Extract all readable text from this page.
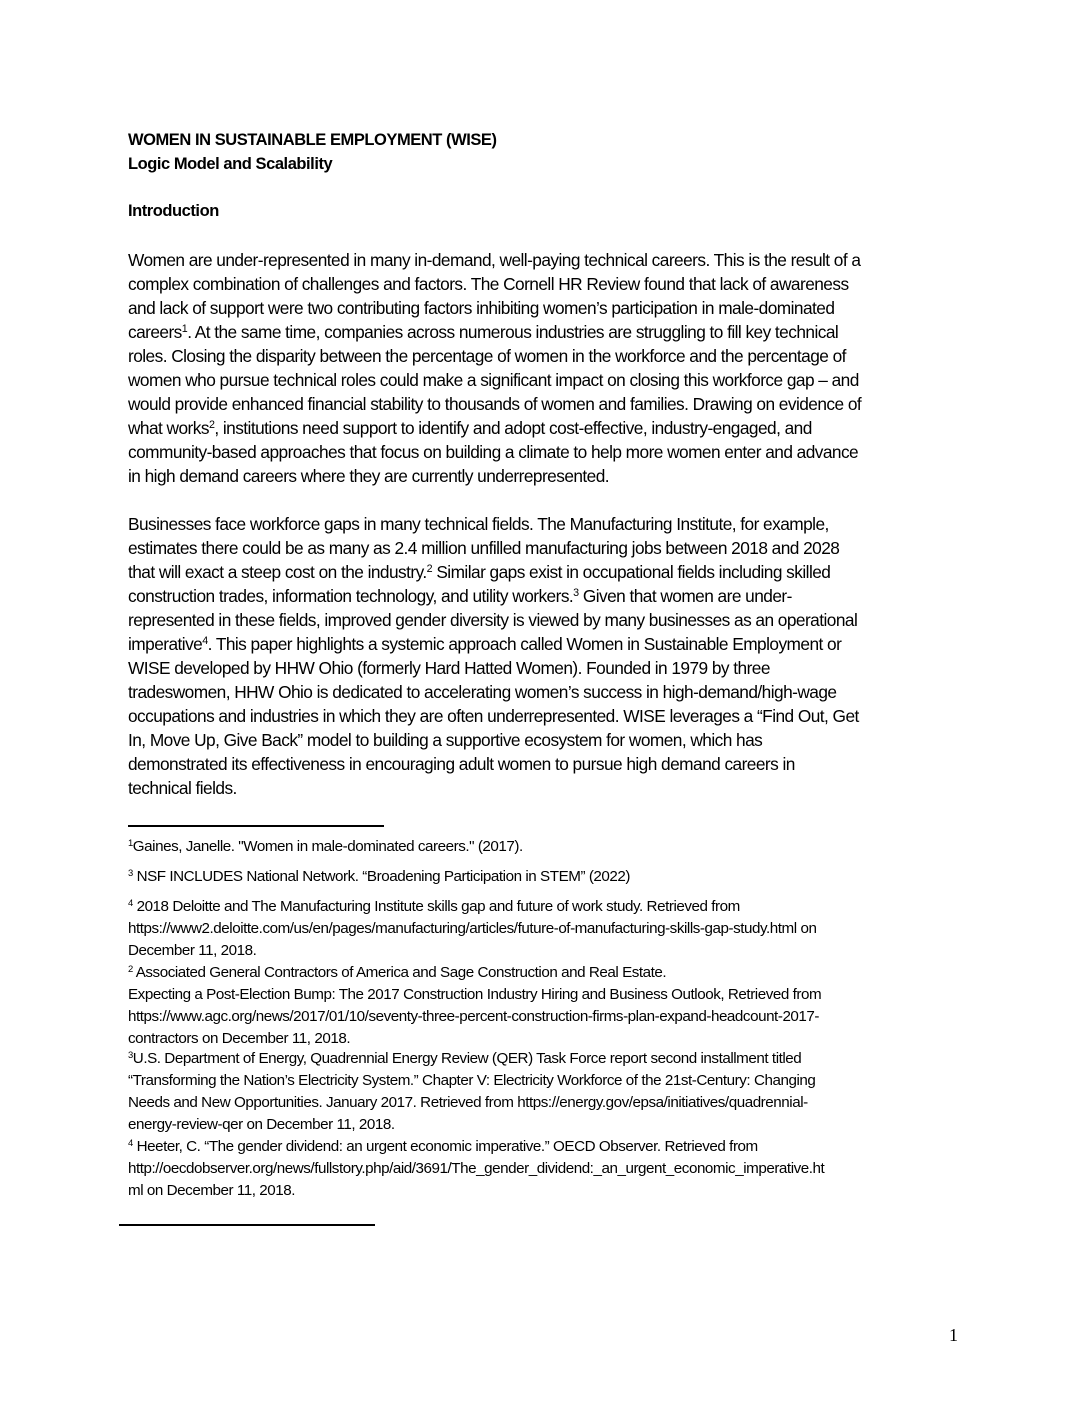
WOMEN IN SUSTAINABLE EMPLOYMENT (WISE)
Logic Model and Scalability
Introduction
Women are under-represented in many in-demand, well-paying technical careers. This is the result of a
complex combination of challenges and factors. The Cornell HR Review found that lack of awareness
and lack of support were two contributing factors inhibiting women’s participation in male-dominated
careers$^1$. At the same time, companies across numerous industries are struggling to fill key technical
roles. Closing the disparity between the percentage of women in the workforce and the percentage of
women who pursue technical roles could make a significant impact on closing this workforce gap – and
would provide enhanced financial stability to thousands of women and families. Drawing on evidence of
what works$^2$, institutions need support to identify and adopt cost-effective, industry-engaged, and
community-based approaches that focus on building a climate to help more women enter and advance
in high demand careers where they are currently underrepresented.
Businesses face workforce gaps in many technical fields. The Manufacturing Institute, for example,
estimates there could be as many as 2.4 million unfilled manufacturing jobs between 2018 and 2028
that will exact a steep cost on the industry.$^2$ Similar gaps exist in occupational fields including skilled
construction trades, information technology, and utility workers.$^3$ Given that women are under-
represented in these fields, improved gender diversity is viewed by many businesses as an operational
imperative$^4$. This paper highlights a systemic approach called Women in Sustainable Employment or
WISE developed by HHW Ohio (formerly Hard Hatted Women). Founded in 1979 by three
tradeswomen, HHW Ohio is dedicated to accelerating women’s success in high-demand/high-wage
occupations and industries in which they are often underrepresented. WISE leverages a “Find Out, Get
In, Move Up, Give Back” model to building a supportive ecosystem for women, which has
demonstrated its effectiveness in encouraging adult women to pursue high demand careers in
technical fields.
$^1$Gaines, Janelle. "Women in male-dominated careers." (2017).
$^3$ NSF INCLUDES National Network. “Broadening Participation in STEM” (2022)
$^4$ 2018 Deloitte and The Manufacturing Institute skills gap and future of work study. Retrieved from
https://www2.deloitte.com/us/en/pages/manufacturing/articles/future-of-manufacturing-skills-gap-study.html on
December 11, 2018.
$^2$ Associated General Contractors of America and Sage Construction and Real Estate.
Expecting a Post-Election Bump: The 2017 Construction Industry Hiring and Business Outlook, Retrieved from
https://www.agc.org/news/2017/01/10/seventy-three-percent-construction-firms-plan-expand-headcount-2017-
contractors on December 11, 2018.
$^3$U.S. Department of Energy, Quadrennial Energy Review (QER) Task Force report second installment titled
“Transforming the Nation’s Electricity System.” Chapter V: Electricity Workforce of the 21st-Century: Changing
Needs and New Opportunities. January 2017. Retrieved from https://energy.gov/epsa/initiatives/quadrennial-
energy-review-qer on December 11, 2018.
$^4$ Heeter, C. “The gender dividend: an urgent economic imperative.” OECD Observer. Retrieved from
http://oecdobserver.org/news/fullstory.php/aid/3691/The_gender_dividend:_an_urgent_economic_imperative.ht
ml on December 11, 2018.
1
